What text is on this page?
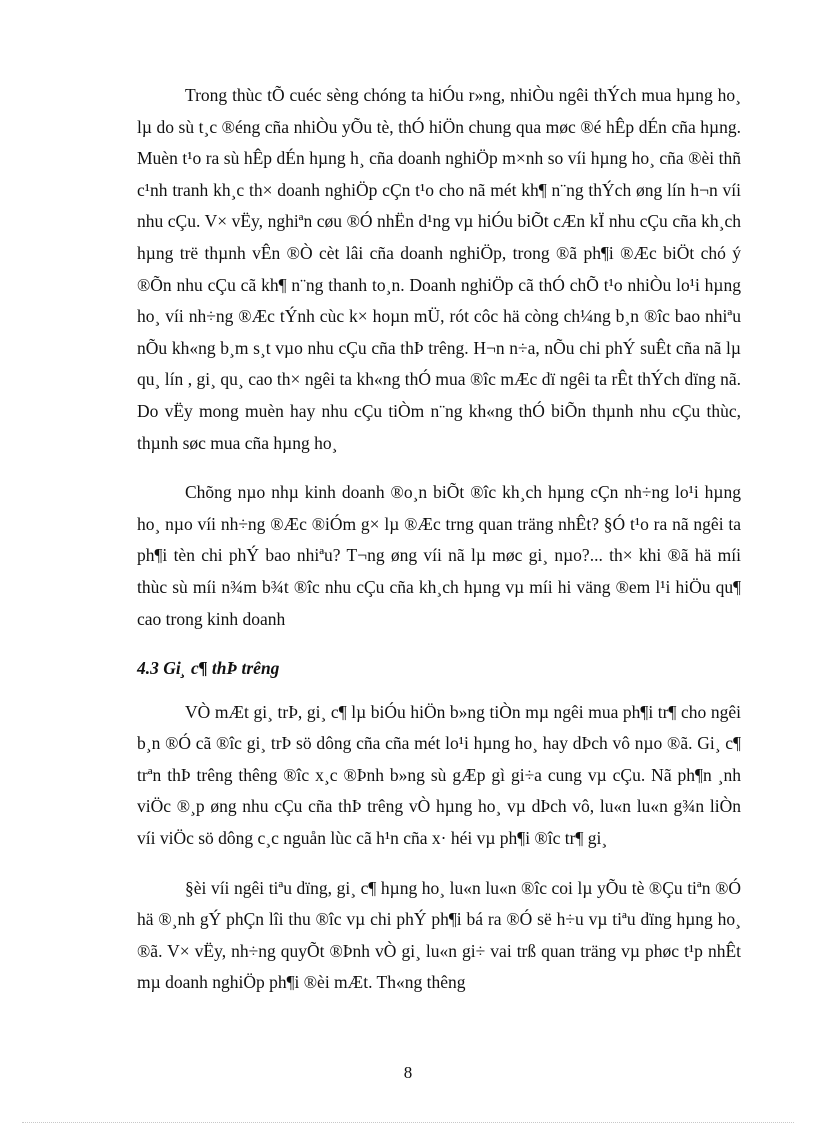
Trong thùc tÕ cuéc sèng chóng ta hiÓu r»ng, nhiÒu ngêi thÝch mua hµng ho¸ lµ do sù t¸c ®éng cña nhiÒu yÕu tè, thÓ hiÖn chung qua møc ®é hÊp dÉn cña hµng. Muèn t¹o ra sù hÊp dÉn hµng h¸ cña doanh nghiÖp m×nh so víi hµng ho¸ cña ®èi thñ c¹nh tranh kh¸c th× doanh nghiÖp cÇn t¹o cho nã mét kh¶ n¨ng thÝch øng lín h¬n víi nhu cÇu. V× vËy, nghiªn cøu ®Ó nhËn d¹ng vµ hiÓu biÕt cÆn kÏ nhu cÇu cña kh¸ch hµng trë thµnh vÊn ®Ò cèt lâi cña doanh nghiÖp, trong ®ã ph¶i ®Æc biÖt chó ý ®Õn nhu cÇu cã kh¶ n¨ng thanh to¸n. Doanh nghiÖp cã thÓ chÕ t¹o nhiÒu lo¹i hµng ho¸ víi nh÷ng ®Æc tÝnh cùc k× hoµn mÜ, rót côc hä còng ch¼ng b¸n ®îc bao nhiªu nÕu kh«ng b¸m s¸t vµo nhu cÇu cña thÞ trêng. H¬n n÷a, nÕu chi phÝ suÊt cña nã lµ qu¸ lín , gi¸ qu¸ cao th× ngêi ta kh«ng thÓ mua ®îc mÆc dï ngêi ta rÊt thÝch dïng nã. Do vËy mong muèn hay nhu cÇu tiÒm n¨ng kh«ng thÓ biÕn thµnh nhu cÇu thùc, thµnh søc mua cña hµng ho¸

Chõng nµo nhµ kinh doanh ®o¸n biÕt ®îc kh¸ch hµng cÇn nh÷ng lo¹i hµng ho¸ nµo víi nh÷ng ®Æc ®iÓm g× lµ ®Æc trng quan träng nhÊt? §Ó t¹o ra nã ngêi ta ph¶i tèn chi phÝ bao nhiªu? T¬ng øng víi nã lµ møc gi¸ nµo?... th× khi ®ã hä míi thùc sù míi n¾m b¾t ®îc nhu cÇu cña kh¸ch hµng vµ míi hi väng ®em l¹i hiÖu qu¶ cao trong kinh doanh

4.3 Gi¸ c¶ thÞ trêng

VÒ mÆt gi¸ trÞ, gi¸ c¶ lµ biÓu hiÖn b»ng tiÒn mµ ngêi mua ph¶i tr¶ cho ngêi b¸n ®Ó cã ®îc gi¸ trÞ sö dông cña cña mét lo¹i hµng ho¸ hay dÞch vô nµo ®ã. Gi¸ c¶ trªn thÞ trêng thêng ®îc x¸c ®Þnh b»ng sù gÆp gì gi÷a cung vµ cÇu. Nã ph¶n ¸nh viÖc ®¸p øng nhu cÇu cña thÞ trêng vÒ hµng ho¸ vµ dÞch vô, lu«n lu«n g¾n liÒn víi viÖc sö dông c¸c nguån lùc cã h¹n cña x· héi vµ ph¶i ®îc tr¶ gi¸

§èi víi ngêi tiªu dïng, gi¸ c¶ hµng ho¸ lu«n lu«n ®îc coi lµ yÕu tè ®Çu tiªn ®Ó hä ®¸nh gÝ phÇn lîi thu ®îc vµ chi phÝ ph¶i bá ra ®Ó së h÷u vµ tiªu dïng hµng ho¸ ®ã. V× vËy, nh÷ng quyÕt ®Þnh vÒ gi¸ lu«n gi÷ vai trß quan träng vµ phøc t¹p nhÊt mµ doanh nghiÖp ph¶i ®èi mÆt. Th«ng thêng

8
